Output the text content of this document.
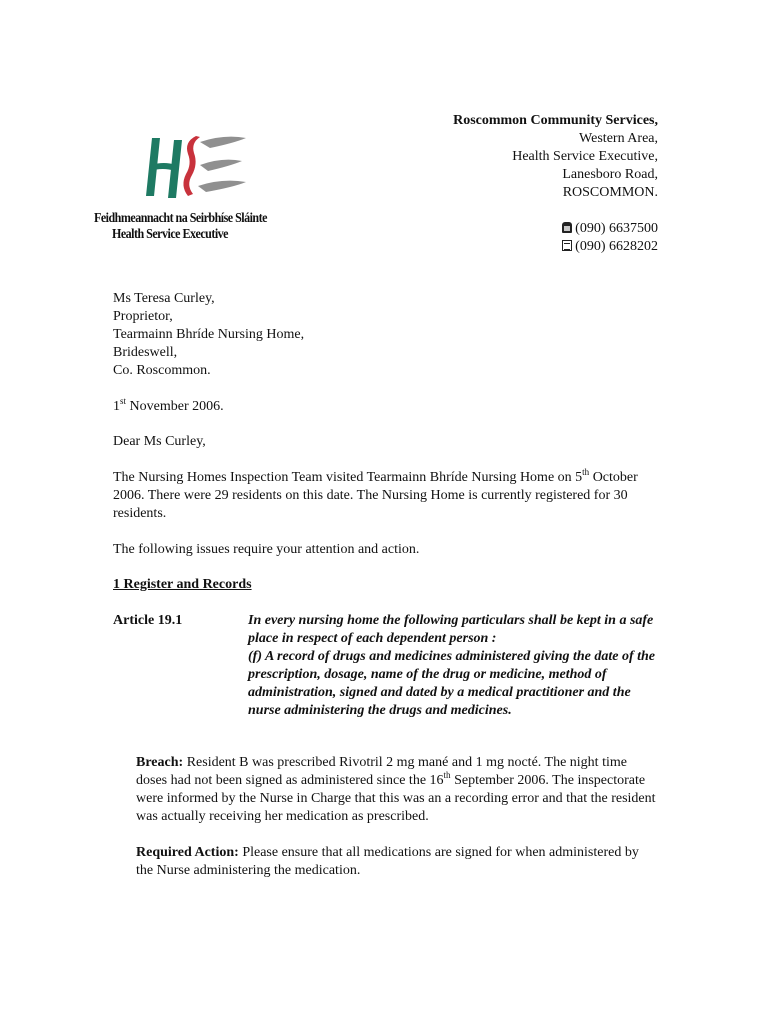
Feidhmeannacht na Seirbhíse Sláinte
Health Service Executive
Roscommon Community Services,
Western Area,
Health Service Executive,
Lanesboro Road,
ROSCOMMON.
(090) 6637500
(090) 6628202
Ms Teresa Curley,
Proprietor,
Tearmainn Bhríde Nursing Home,
Brideswell,
Co. Roscommon.
1st November 2006.
Dear Ms Curley,
The Nursing Homes Inspection Team visited Tearmainn Bhríde Nursing Home on 5th October 2006. There were 29 residents on this date. The Nursing Home is currently registered for 30 residents.
The following issues require your attention and action.
1 Register and Records
Article 19.1	In every nursing home the following particulars shall be kept in a safe place in respect of each dependent person :
(f) A record of drugs and medicines administered giving the date of the prescription, dosage, name of the drug or medicine, method of administration, signed and dated by a medical practitioner and the nurse administering the drugs and medicines.
Breach: Resident B was prescribed Rivotril 2 mg mané and 1 mg nocté. The night time doses had not been signed as administered since the 16th September 2006. The inspectorate were informed by the Nurse in Charge that this was an a recording error and that the resident was actually receiving her medication as prescribed.
Required Action: Please ensure that all medications are signed for when administered by the Nurse administering the medication.
